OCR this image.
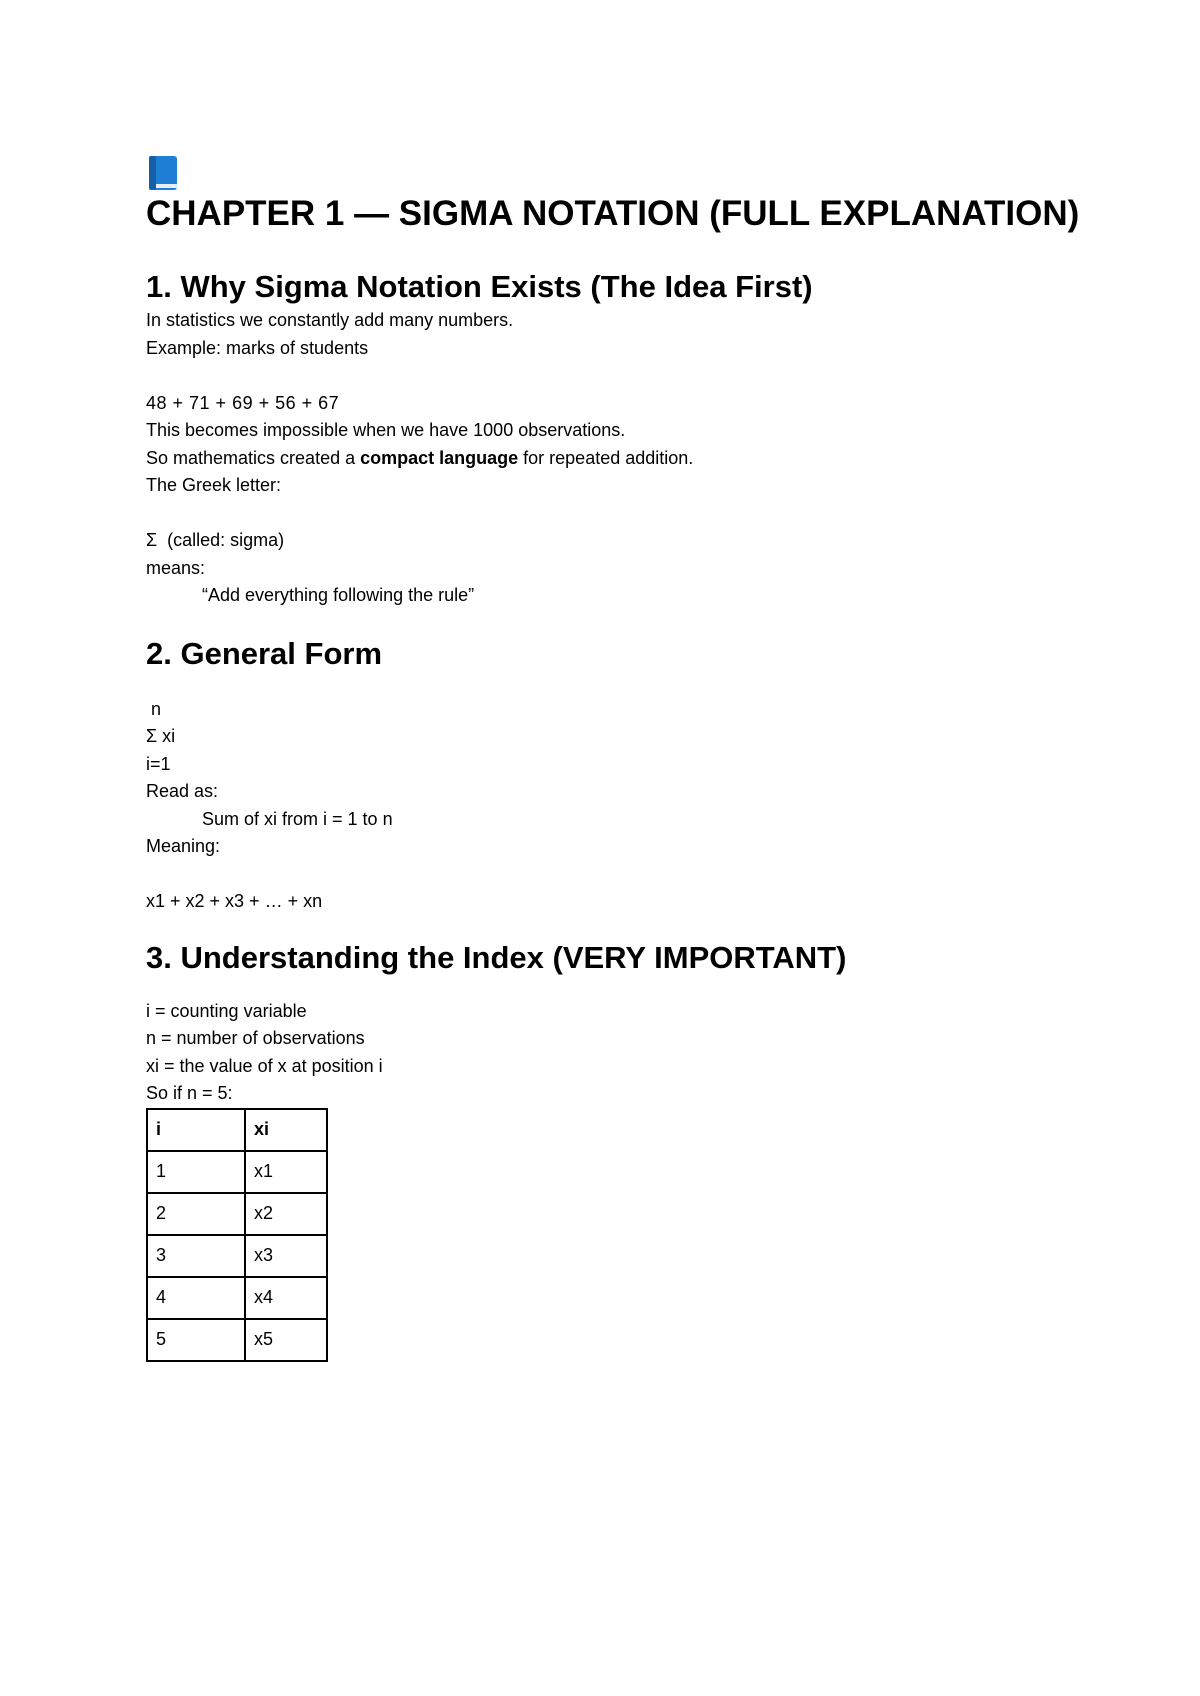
CHAPTER 1 — SIGMA NOTATION (FULL EXPLANATION)
1. Why Sigma Notation Exists (The Idea First)
In statistics we constantly add many numbers.
Example: marks of students
48 + 71 + 69 + 56 + 67
This becomes impossible when we have 1000 observations.
So mathematics created a compact language for repeated addition.
The Greek letter:
Σ  (called: sigma)
means:
“Add everything following the rule”
2. General Form
n
Σ xi
i=1
Read as:
Sum of xi from i = 1 to n
Meaning:
x1 + x2 + x3 + … + xn
3. Understanding the Index (VERY IMPORTANT)
i = counting variable
n = number of observations
xi = the value of x at position i
So if n = 5:
i	xi
1	x1
2	x2
3	x3
4	x4
5	x5
